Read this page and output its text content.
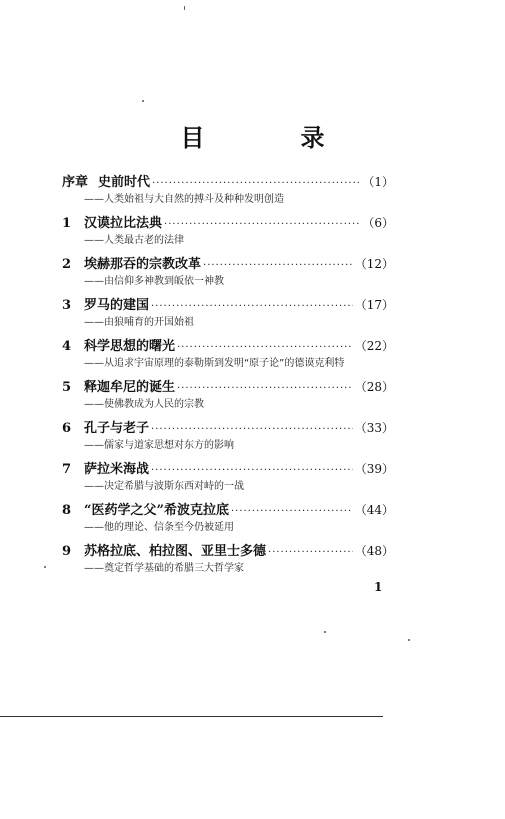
目　录
序章 史前时代 ·····	（1）
——人类始祖与大自然的搏斗及种种发明创造
1 汉谟拉比法典 ·····	（6）
——人类最古老的法律
2 埃赫那吞的宗教改革 ·····	（12）
——由信仰多神教到皈依一神教
3 罗马的建国 ·····	（17）
——由狼哺育的开国始祖
4 科学思想的曙光 ·····	（22）
——从追求宇宙原理的泰勒斯到发明“原子论”的德谟克利特
5 释迦牟尼的诞生 ·····	（28）
——使佛教成为人民的宗教
6 孔子与老子 ·····	（33）
——儒家与道家思想对东方的影响
7 萨拉米海战 ·····	（39）
——决定希腊与波斯东西对峙的一战
8 “医药学之父”希波克拉底 ·····	（44）
——他的理论、信条至今仍被延用
9 苏格拉底、柏拉图、亚里士多德 ·····	（48）
——奠定哲学基础的希腊三大哲学家
1
